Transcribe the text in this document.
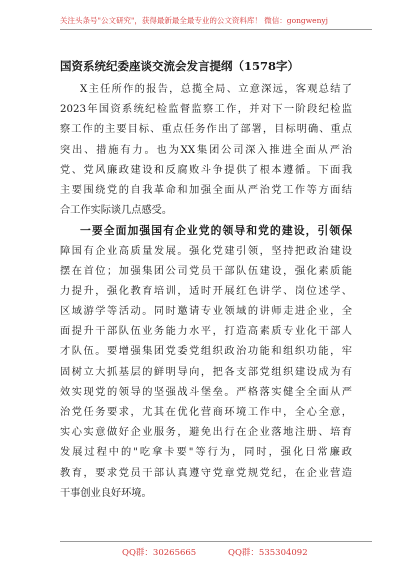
关注头条号"公文研究"，获得最新最全最专业的公文资料库！ 微信：gongwenyj
国资系统纪委座谈交流会发言提纲（1578字）
X主任所作的报告，总揽全局、立意深远，客观总结了
2023年国资系统纪检监督监察工作，并对下一阶段纪检监
察工作的主要目标、重点任务作出了部署，目标明确、重点
突出、措施有力。也为XX集团公司深入推进全面从严治
党、党风廉政建设和反腐败斗争提供了根本遵循。下面我
主要围绕党的自我革命和加强全面从严治党工作等方面结
合工作实际谈几点感受。
一要全面加强国有企业党的领导和党的建设，引领保
障国有企业高质量发展。强化党建引领，坚持把政治建设
摆在首位；加强集团公司党员干部队伍建设，强化素质能
力提升，强化教育培训，适时开展红色讲学、岗位述学、
区域游学等活动。同时邀请专业领域的讲师走进企业，全
面提升干部队伍业务能力水平，打造高素质专业化干部人
才队伍。要增强集团党委党组织政治功能和组织功能，牢
固树立大抓基层的鲜明导向，把各支部党组织建设成为有
效实现党的领导的坚强战斗堡垒。严格落实健全全面从严
治党任务要求，尤其在优化营商环境工作中，全心全意，
实心实意做好企业服务，避免出行在企业落地注册、培育
发展过程中的"吃拿卡要"等行为，同时，强化日常廉政
教育，要求党员干部认真遵守党章党规党纪，在企业营造
干事创业良好环境。
QQ群：30265665	QQ群：535304092
